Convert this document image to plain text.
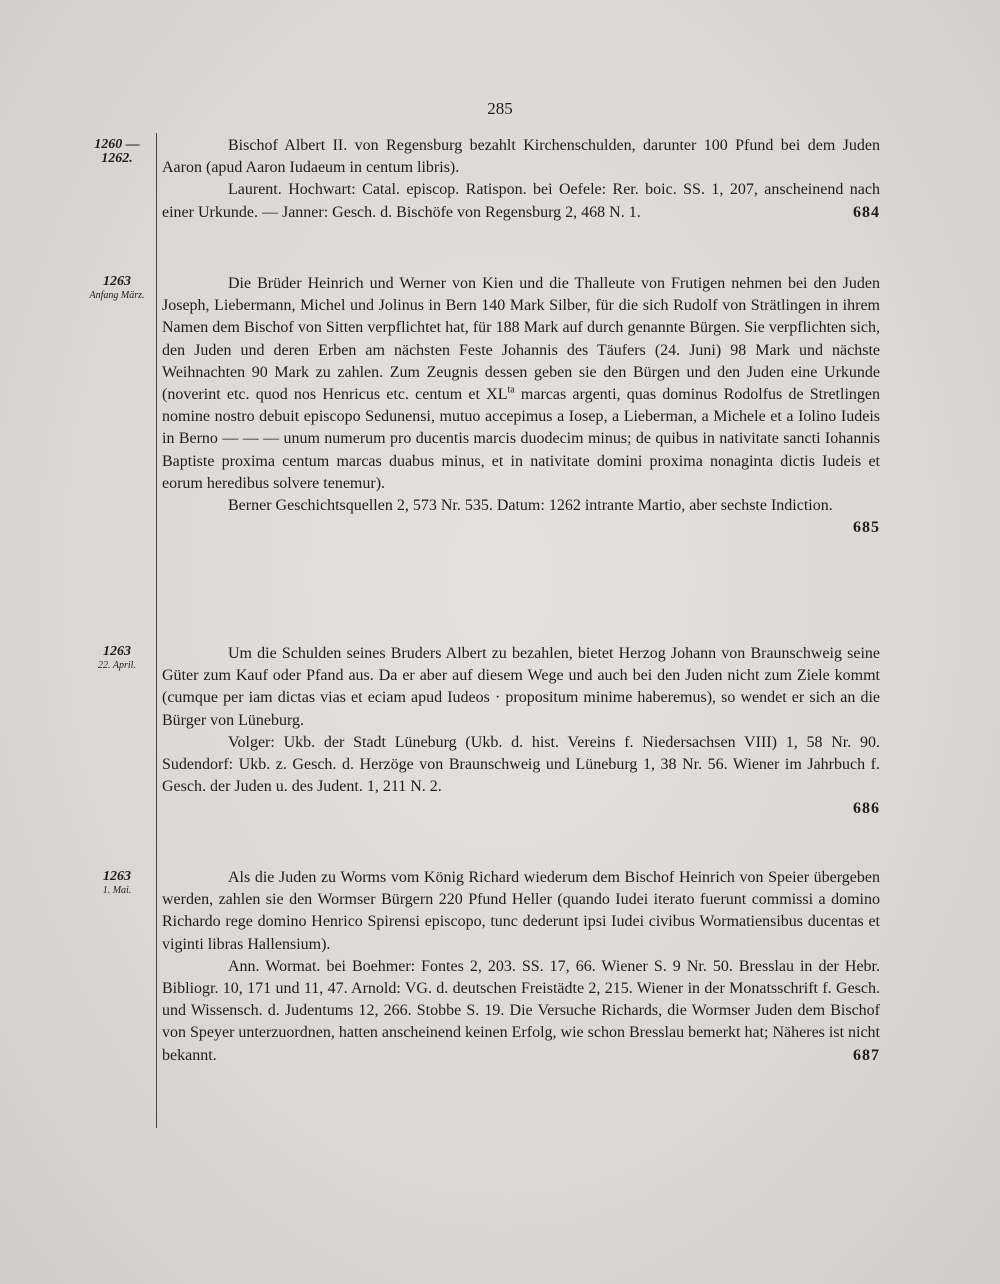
285
1260 —1262.

Bischof Albert II. von Regensburg bezahlt Kirchenschulden, darunter 100 Pfund bei dem Juden Aaron (apud Aaron Iudaeum in centum libris).

Laurent. Hochwart: Catal. episcop. Ratispon. bei Oefele: Rer. boic. SS. 1, 207, anscheinend nach einer Urkunde. — Janner: Gesch. d. Bischöfe von Regensburg 2, 468 N. 1.	684

1263
Anfang März.

Die Brüder Heinrich und Werner von Kien und die Thalleute von Frutigen nehmen bei den Juden Joseph, Liebermann, Michel und Jolinus in Bern 140 Mark Silber, für die sich Rudolf von Strätlingen in ihrem Namen dem Bischof von Sitten verpflichtet hat, für 188 Mark auf durch genannte Bürgen. Sie verpflichten sich, den Juden und deren Erben am nächsten Feste Johannis des Täufers (24. Juni) 98 Mark und nächste Weihnachten 90 Mark zu zahlen. Zum Zeugnis dessen geben sie den Bürgen und den Juden eine Urkunde (noverint etc. quod nos Henricus etc. centum et $XL^{ta}$ marcas argenti, quas dominus Rodolfus de Stretlingen nomine nostro debuit episcopo Sedunensi, mutuo accepimus a Iosep, a Lieberman, a Michele et a Iolino Iudeis in Berno — — — unum numerum pro ducentis marcis duodecim minus; de quibus in nativitate sancti Iohannis Baptiste proxima centum marcas duabus minus, et in nativitate domini proxima nonaginta dictis Iudeis et eorum heredibus solvere tenemur).

Berner Geschichtsquellen 2, 573 Nr. 535. Datum: 1262 intrante Martio, aber sechste Indiction.
685

1263
22. April.

Um die Schulden seines Bruders Albert zu bezahlen, bietet Herzog Johann von Braunschweig seine Güter zum Kauf oder Pfand aus. Da er aber auf diesem Wege und auch bei den Juden nicht zum Ziele kommt (cumque per iam dictas vias et eciam apud Iudeos · propositum minime haberemus), so wendet er sich an die Bürger von Lüneburg.

Volger: Ukb. der Stadt Lüneburg (Ukb. d. hist. Vereins f. Niedersachsen VIII) 1, 58 Nr. 90. Sudendorf: Ukb. z. Gesch. d. Herzöge von Braunschweig und Lüneburg 1, 38 Nr. 56. Wiener im Jahrbuch f. Gesch. der Juden u. des Judent. 1, 211 N. 2.

686
1263
1. Mai.

Als die Juden zu Worms vom König Richard wiederum dem Bischof Heinrich von Speier übergeben werden, zahlen sie den Wormser Bürgern 220 Pfund Heller (quando Iudei iterato fuerunt commissi a domino Richardo rege domino Henrico Spirensi episcopo, tunc dederunt ipsi Iudei civibus Wormatiensibus ducentas et viginti libras Hallensium).

Ann. Wormat. bei Boehmer: Fontes 2, 203. SS. 17, 66. Wiener S. 9 Nr. 50. Bresslau in der Hebr. Bibliogr. 10, 171 und 11, 47. Arnold: VG. d. deutschen Freistädte 2, 215. Wiener in der Monatsschrift f. Gesch. und Wissensch. d. Judentums 12, 266. Stobbe S. 19. Die Versuche Richards, die Wormser Juden dem Bischof von Speyer unterzuordnen, hatten anscheinend keinen Erfolg, wie schon Bresslau bemerkt hat; Näheres ist nicht bekannt.	687
